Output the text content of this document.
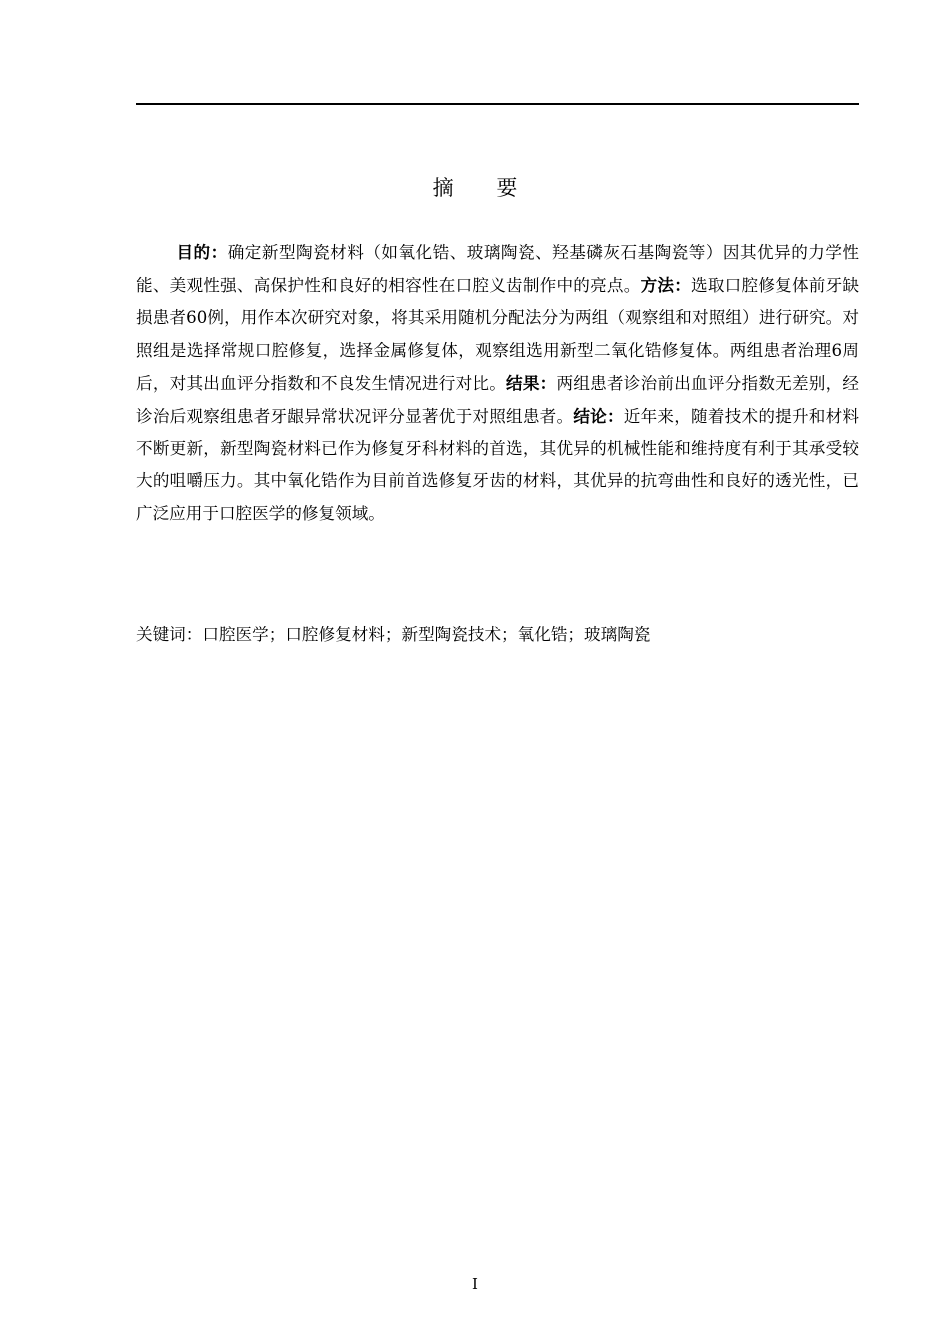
摘 要

目的：确定新型陶瓷材料（如氧化锆、玻璃陶瓷、羟基磷灰石基陶瓷等）因其优异的力学性能、美观性强、高保护性和良好的相容性在口腔义齿制作中的亮点。方法：选取口腔修复体前牙缺损患者60例，用作本次研究对象，将其采用随机分配法分为两组（观察组和对照组）进行研究。对照组是选择常规口腔修复，选择金属修复体，观察组选用新型二氧化锆修复体。两组患者治理6周后，对其出血评分指数和不良发生情况进行对比。结果：两组患者诊治前出血评分指数无差别，经诊治后观察组患者牙龈异常状况评分显著优于对照组患者。结论：近年来，随着技术的提升和材料不断更新，新型陶瓷材料已作为修复牙科材料的首选，其优异的机械性能和维持度有利于其承受较大的咀嚼压力。其中氧化锆作为目前首选修复牙齿的材料，其优异的抗弯曲性和良好的透光性，已广泛应用于口腔医学的修复领域。

关键词：口腔医学；口腔修复材料；新型陶瓷技术；氧化锆；玻璃陶瓷

I
